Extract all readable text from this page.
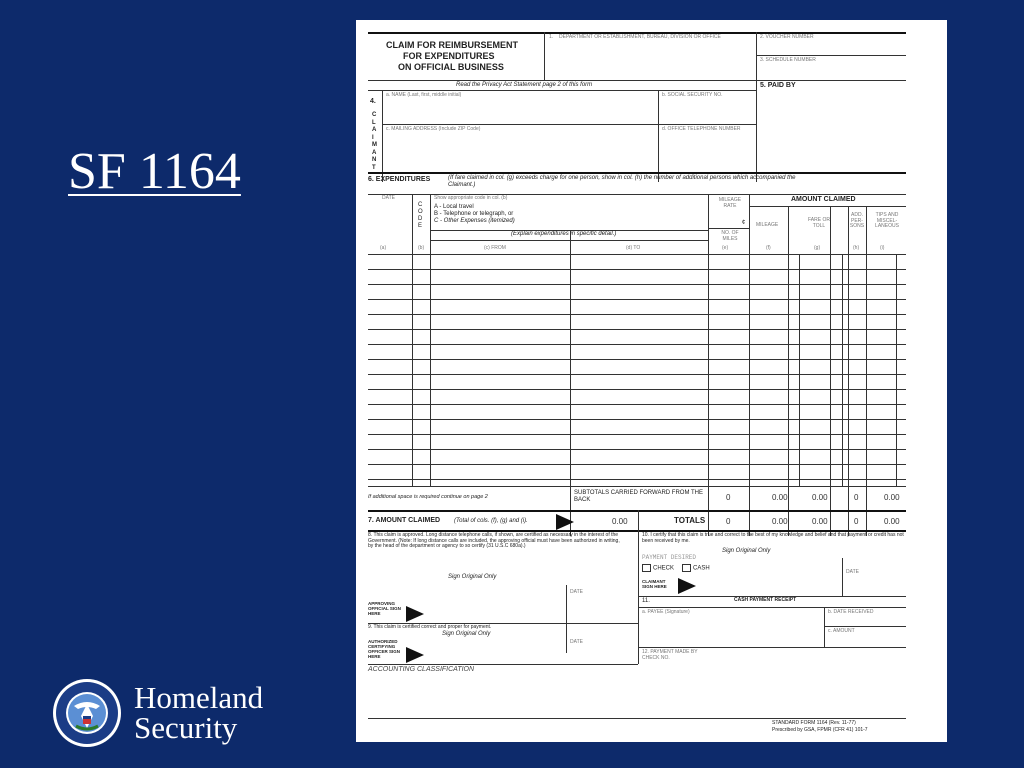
SF 1164
Homeland
Security
CLAIM FOR REIMBURSEMENT
FOR EXPENDITURES
ON OFFICIAL BUSINESS
1. DEPARTMENT OR ESTABLISHMENT, BUREAU, DIVISION OR OFFICE	2. VOUCHER NUMBER
3. SCHEDULE NUMBER
Read the Privacy Act Statement page 2 of this form	5. PAID BY
4.
CLAIMANT
a. NAME (Last, first, middle initial)	b. SOCIAL SECURITY NO.
c. MAILING ADDRESS (Include ZIP Code)	d. OFFICE TELEPHONE NUMBER
6. EXPENDITURES	(If fare claimed in col. (g) exceeds charge for one person, show in col. (h) the number of additional persons which accompanied the Claimant.)
DATE
CODE
Show appropriate code in col. (b)
A - Local travel
B - Telephone or telegraph, or
C - Other Expenses (itemized)
(Explain expenditures in specific detail.)
MILEAGE RATE
¢
NO. OF MILES
AMOUNT CLAIMED
MILEAGE
FARE OR TOLL
ADD. PER- SONS
TIPS AND MISCEL- LANEOUS
(a)	(b)	(c) FROM	(d) TO	(e)	(f)	(g)	(h)	(i)
If additional space is required continue on page 2
SUBTOTALS CARRIED FORWARD FROM THE BACK	0	0.00	0.00	0	0.00
7. AMOUNT CLAIMED (Total of cols. (f), (g) and (i).	0.00	TOTALS	0	0.00	0.00	0	0.00
8. This claim is approved. Long distance telephone calls, if shown, are certified as necessary in the interest of the Government. (Note: If long distance calls are included, the approving official must have been authorized in writing, by the head of the department or agency to so certify (31 U.S.C 680a).)
Sign Original Only
DATE
APPROVING OFFICIAL SIGN HERE
9. This claim is certified correct and proper for payment.
Sign Original Only
DATE
AUTHORIZED CERTIFYING OFFICER SIGN HERE
ACCOUNTING CLASSIFICATION
10. I certify that this claim is true and correct to the best of my knowledge and belief and that payment or credit has not been received by me.
Sign Original Only
PAYMENT DESIRED
CHECK	CASH
DATE
CLAIMANT SIGN HERE
11.	CASH PAYMENT RECEIPT
a. PAYEE (Signature)	b. DATE RECEIVED
c. AMOUNT
12. PAYMENT MADE BY CHECK NO.
STANDARD FORM 1164 (Rev. 11-77)
Prescribed by GSA, FPMR (CFR 41) 101-7
